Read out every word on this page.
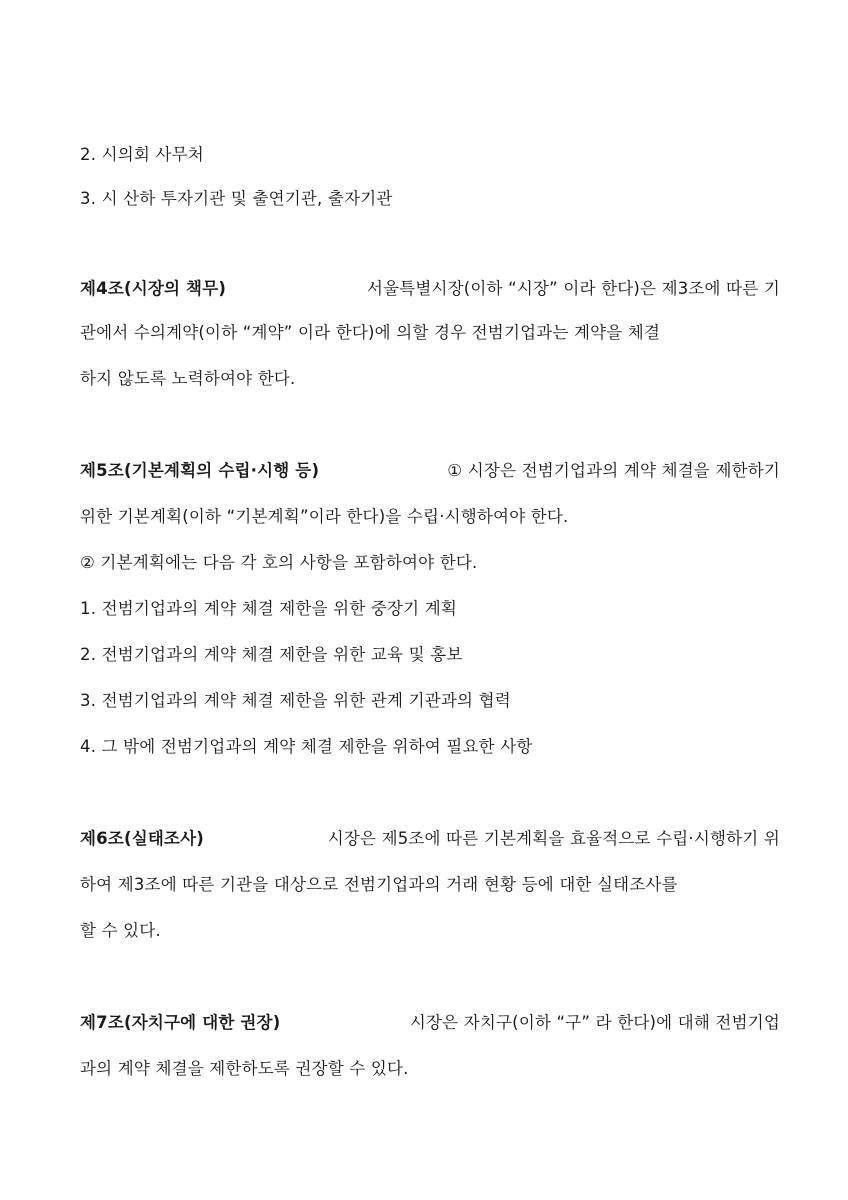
2. 시의회 사무처
3. 시 산하 투자기관 및 출연기관, 출자기관
제4조(시장의 책무)	서울특별시장(이하 “시장” 이라 한다)은 제3조에 따른 기
관에서 수의계약(이하 “계약” 이라 한다)에 의할 경우 전범기업과는 계약을 체결
하지 않도록 노력하여야 한다.
제5조(기본계획의 수립·시행 등)	① 시장은 전범기업과의 계약 체결을 제한하기
위한 기본계획(이하 “기본계획”이라 한다)을 수립·시행하여야 한다.
② 기본계획에는 다음 각 호의 사항을 포함하여야 한다.
1. 전범기업과의 계약 체결 제한을 위한 중장기 계획
2. 전범기업과의 계약 체결 제한을 위한 교육 및 홍보
3. 전범기업과의 계약 체결 제한을 위한 관계 기관과의 협력
4. 그 밖에 전범기업과의 계약 체결 제한을 위하여 필요한 사항
제6조(실태조사)	시장은 제5조에 따른 기본계획을 효율적으로 수립·시행하기 위
하여 제3조에 따른 기관을 대상으로 전범기업과의 거래 현황 등에 대한 실태조사를
할 수 있다.
제7조(자치구에 대한 권장)	시장은 자치구(이하 “구” 라 한다)에 대해 전범기업
과의 계약 체결을 제한하도록 권장할 수 있다.
